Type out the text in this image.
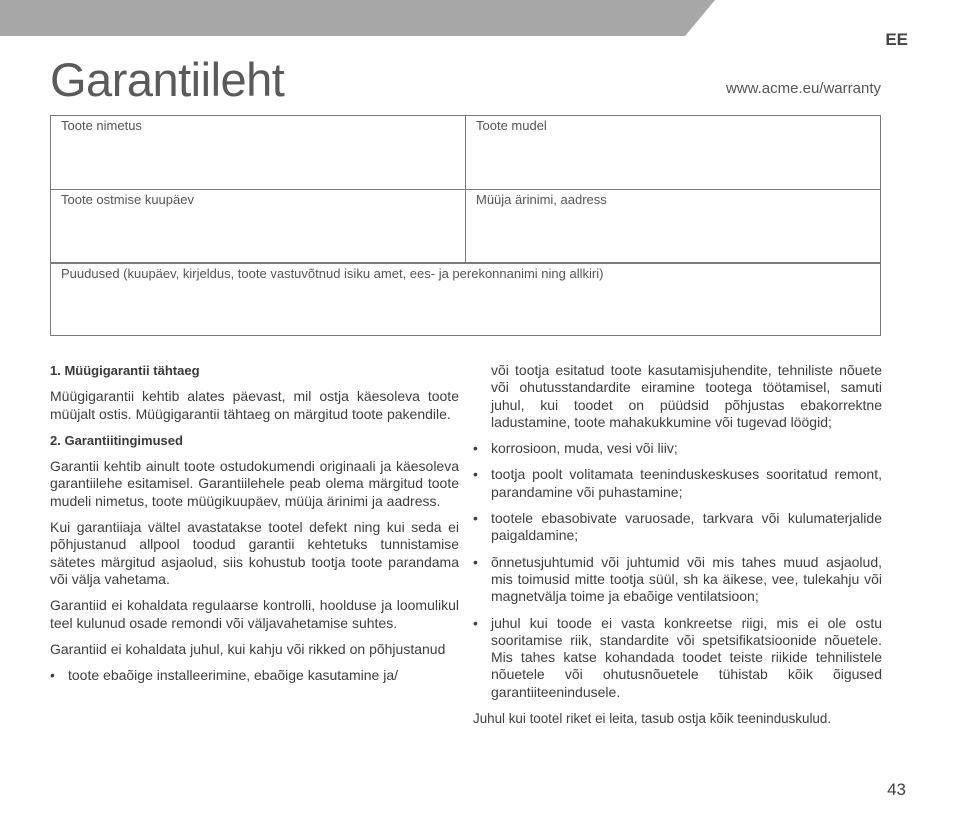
EE
Garantiileht	www.acme.eu/warranty
Toote nimetus	Toote mudel
Toote ostmise kuupäev	Müüja ärinimi, aadress
Puudused (kuupäev, kirjeldus, toote vastuvõtnud isiku amet, ees- ja perekonnanimi ning allkiri)
1. Müügigarantii tähtaeg

Müügigarantii kehtib alates päevast, mil ostja käesoleva toote müüjalt ostis. Müügigarantii tähtaeg on märgitud toote pakendile.

2. Garantiitingimused

Garantii kehtib ainult toote ostudokumendi originaali ja käesoleva garantiilehe esitamisel. Garantiilehele peab olema märgitud toote mudeli nimetus, toote müügikuupäev, müüja ärinimi ja aadress.

Kui garantiiaja vältel avastatakse tootel defekt ning kui seda ei põhjustanud allpool toodud garantii kehtetuks tunnistamise sätetes märgitud asjaolud, siis kohustub tootja toote parandama või välja vahetama.

Garantiid ei kohaldata regulaarse kontrolli, hoolduse ja loomulikul teel kulunud osade remondi või väljavahetamise suhtes.

Garantiid ei kohaldata juhul, kui kahju või rikked on põhjustanud

• toote ebaõige installeerimine, ebaõige kasutamine ja/
või tootja esitatud toote kasutamisjuhendite, tehniliste nõuete või ohutusstandardite eiramine tootega töötamisel, samuti juhul, kui toodet on püüdsid põhjustas ebakorrektne ladustamine, toote mahakukkumine või tugevad löögid;
• korrosioon, muda, vesi või liiv;
• tootja poolt volitamata teeninduskeskuses sooritatud remont, parandamine või puhastamine;
• tootele ebasobivate varuosade, tarkvara või kulumaterjalide paigaldamine;
• õnnetusjuhtumid või juhtumid või mis tahes muud asjaolud, mis toimusid mitte tootja süül, sh ka äikese, vee, tulekahju või magnetvälja toime ja ebaõige ventilatsioon;
• juhul kui toode ei vasta konkreetse riigi, mis ei ole ostu sooritamise riik, standardite või spetsifikatsioonide nõuetele. Mis tahes katse kohandada toodet teiste riikide tehnilistele nõuetele või ohutusnõuetele tühistab kõik õigused garantiiteenindusele.

Juhul kui tootel riket ei leita, tasub ostja kõik teeninduskulud.

43
